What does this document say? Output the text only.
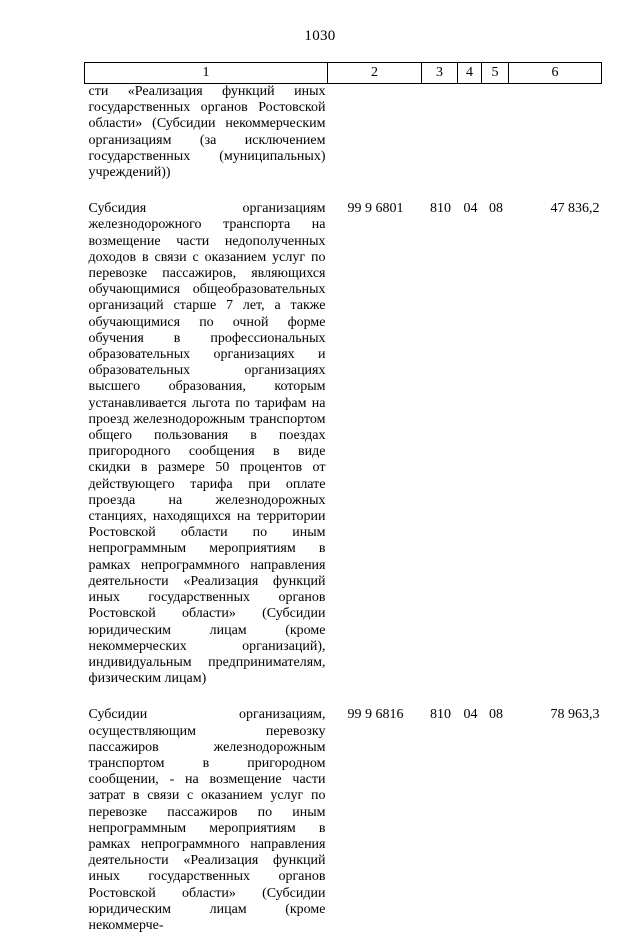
1030
1	2	3	4	5	6
сти «Реализация функций иных государственных органов Ростовской области» (Субсидии некоммерческим организациям (за исключением государственных (муниципальных) учреждений))					

Субсидия организациям железнодорожного транспорта на возмещение части недополученных доходов в связи с оказанием услуг по перевозке пассажиров, являющихся обучающимися общеобразовательных организаций старше 7 лет, а также обучающимися по очной форме обучения в профессиональных образовательных организациях и образовательных организациях высшего образования, которым устанавливается льгота по тарифам на проезд железнодорожным транспортом общего пользования в поездах пригородного сообщения в виде скидки в размере 50 процентов от действующего тарифа при оплате проезда на железнодорожных станциях, находящихся на территории Ростовской области по иным непрограммным мероприятиям в рамках непрограммного направления деятельности «Реализация функций иных государственных органов Ростовской области» (Субсидии юридическим лицам (кроме некоммерческих организаций), индивидуальным предпринимателям, физическим лицам)	99 9 6801	810	04	08	47 836,2

Субсидии организациям, осуществляющим перевозку пассажиров железнодорожным транспортом в пригородном сообщении, - на возмещение части затрат в связи с оказанием услуг по перевозке пассажиров по иным непрограммным мероприятиям в рамках непрограммного направления деятельности «Реализация функций иных государственных органов Ростовской области» (Субсидии юридическим лицам (кроме некоммерче-	99 9 6816	810	04	08	78 963,3
